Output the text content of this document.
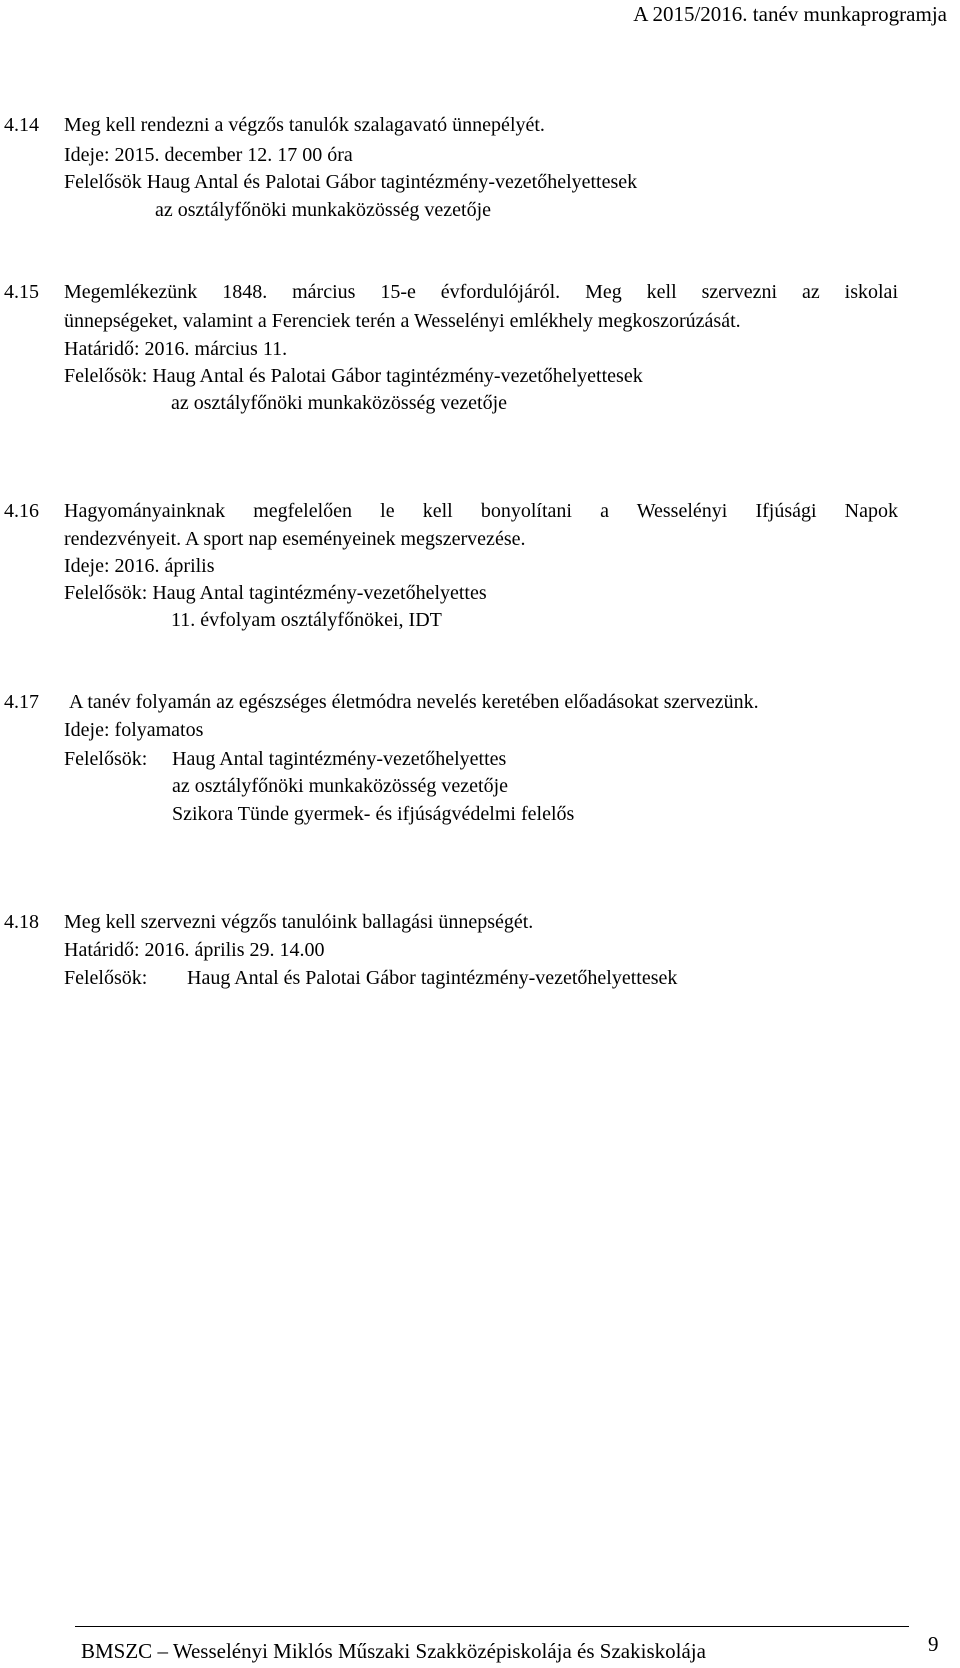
A 2015/2016. tanév munkaprogramja
4.14 Meg kell rendezni a végzős tanulók szalagavató ünnepélyét.
Ideje: 2015. december 12. 17 00 óra
Felelősök Haug Antal és Palotai Gábor tagintézmény-vezetőhelyettesek
az osztályfőnöki munkaközösség vezetője
4.15 Megemlékezünk 1848. március 15-e évfordulójáról. Meg kell szervezni az iskolai
ünnepségeket, valamint a Ferenciek terén a Wesselényi emlékhely megkoszorúzását.
Határidő: 2016. március 11.
Felelősök: Haug Antal és Palotai Gábor tagintézmény-vezetőhelyettesek
az osztályfőnöki munkaközösség vezetője
4.16 Hagyományainknak megfelelően le kell bonyolítani a Wesselényi Ifjúsági Napok
rendezvényeit. A sport nap eseményeinek megszervezése.
Ideje: 2016. április
Felelősök: Haug Antal tagintézmény-vezetőhelyettes
11. évfolyam osztályfőnökei, IDT
4.17 A tanév folyamán az egészséges életmódra nevelés keretében előadásokat szervezünk.
Ideje: folyamatos
Felelősök: Haug Antal tagintézmény-vezetőhelyettes
az osztályfőnöki munkaközösség vezetője
Szikora Tünde gyermek- és ifjúságvédelmi felelős
4.18 Meg kell szervezni végzős tanulóink ballagási ünnepségét.
Határidő: 2016. április 29. 14.00
Felelősök: Haug Antal és Palotai Gábor tagintézmény-vezetőhelyettesek
BMSZC – Wesselényi Miklós Műszaki Szakközépiskolája és Szakiskolája	9
